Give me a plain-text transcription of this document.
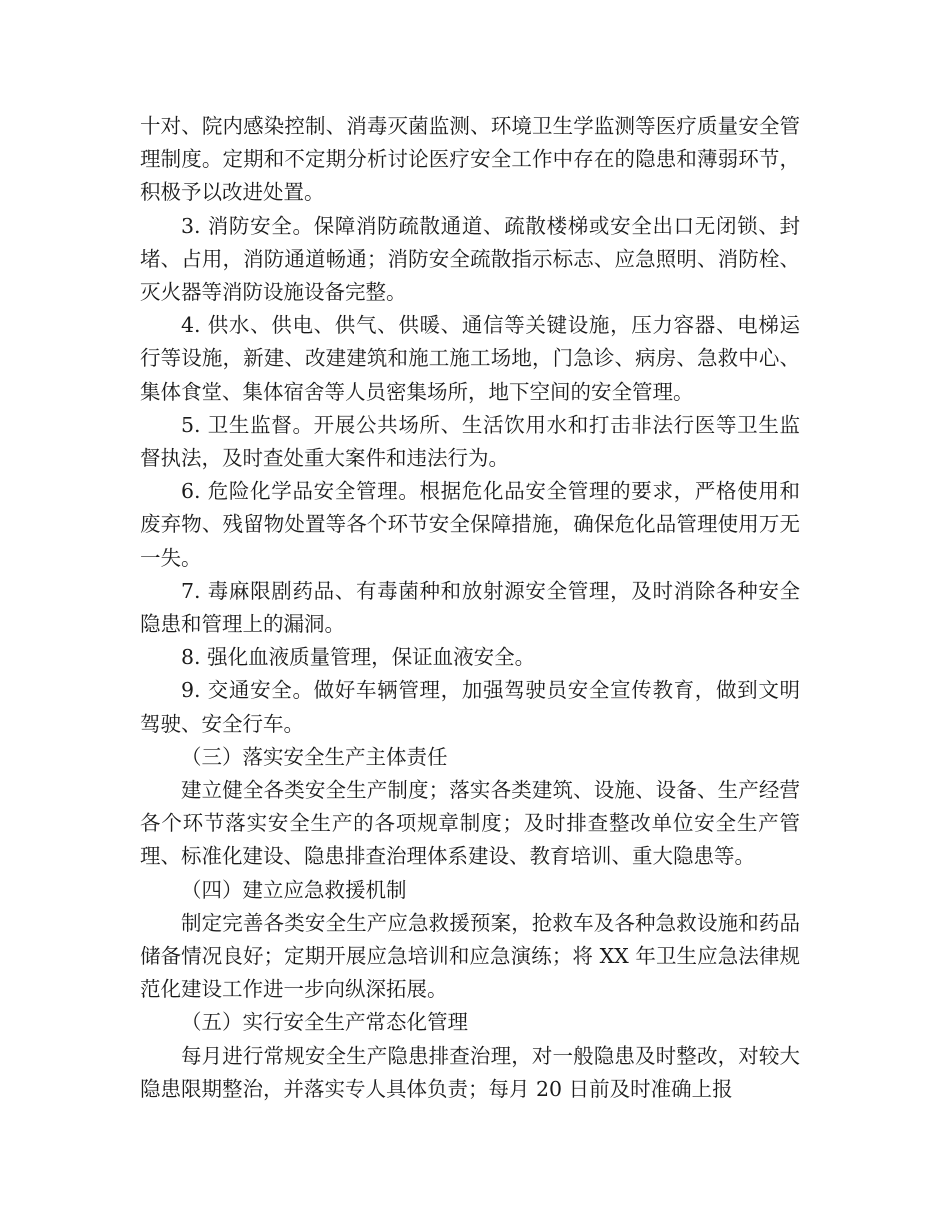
十对、院内感染控制、消毒灭菌监测、环境卫生学监测等医疗质量安全管理制度。定期和不定期分析讨论医疗安全工作中存在的隐患和薄弱环节，积极予以改进处置。

3. 消防安全。保障消防疏散通道、疏散楼梯或安全出口无闭锁、封堵、占用，消防通道畅通；消防安全疏散指示标志、应急照明、消防栓、灭火器等消防设施设备完整。

4. 供水、供电、供气、供暖、通信等关键设施，压力容器、电梯运行等设施，新建、改建建筑和施工施工场地，门急诊、病房、急救中心、集体食堂、集体宿舍等人员密集场所，地下空间的安全管理。

5. 卫生监督。开展公共场所、生活饮用水和打击非法行医等卫生监督执法，及时查处重大案件和违法行为。

6. 危险化学品安全管理。根据危化品安全管理的要求，严格使用和废弃物、残留物处置等各个环节安全保障措施，确保危化品管理使用万无一失。

7. 毒麻限剧药品、有毒菌种和放射源安全管理，及时消除各种安全隐患和管理上的漏洞。

8. 强化血液质量管理，保证血液安全。

9. 交通安全。做好车辆管理，加强驾驶员安全宣传教育，做到文明驾驶、安全行车。

（三）落实安全生产主体责任

建立健全各类安全生产制度；落实各类建筑、设施、设备、生产经营各个环节落实安全生产的各项规章制度；及时排查整改单位安全生产管理、标准化建设、隐患排查治理体系建设、教育培训、重大隐患等。

（四）建立应急救援机制

制定完善各类安全生产应急救援预案，抢救车及各种急救设施和药品储备情况良好；定期开展应急培训和应急演练；将 XX 年卫生应急法律规范化建设工作进一步向纵深拓展。

（五）实行安全生产常态化管理

每月进行常规安全生产隐患排查治理，对一般隐患及时整改，对较大隐患限期整治，并落实专人具体负责；每月 20 日前及时准确上报
